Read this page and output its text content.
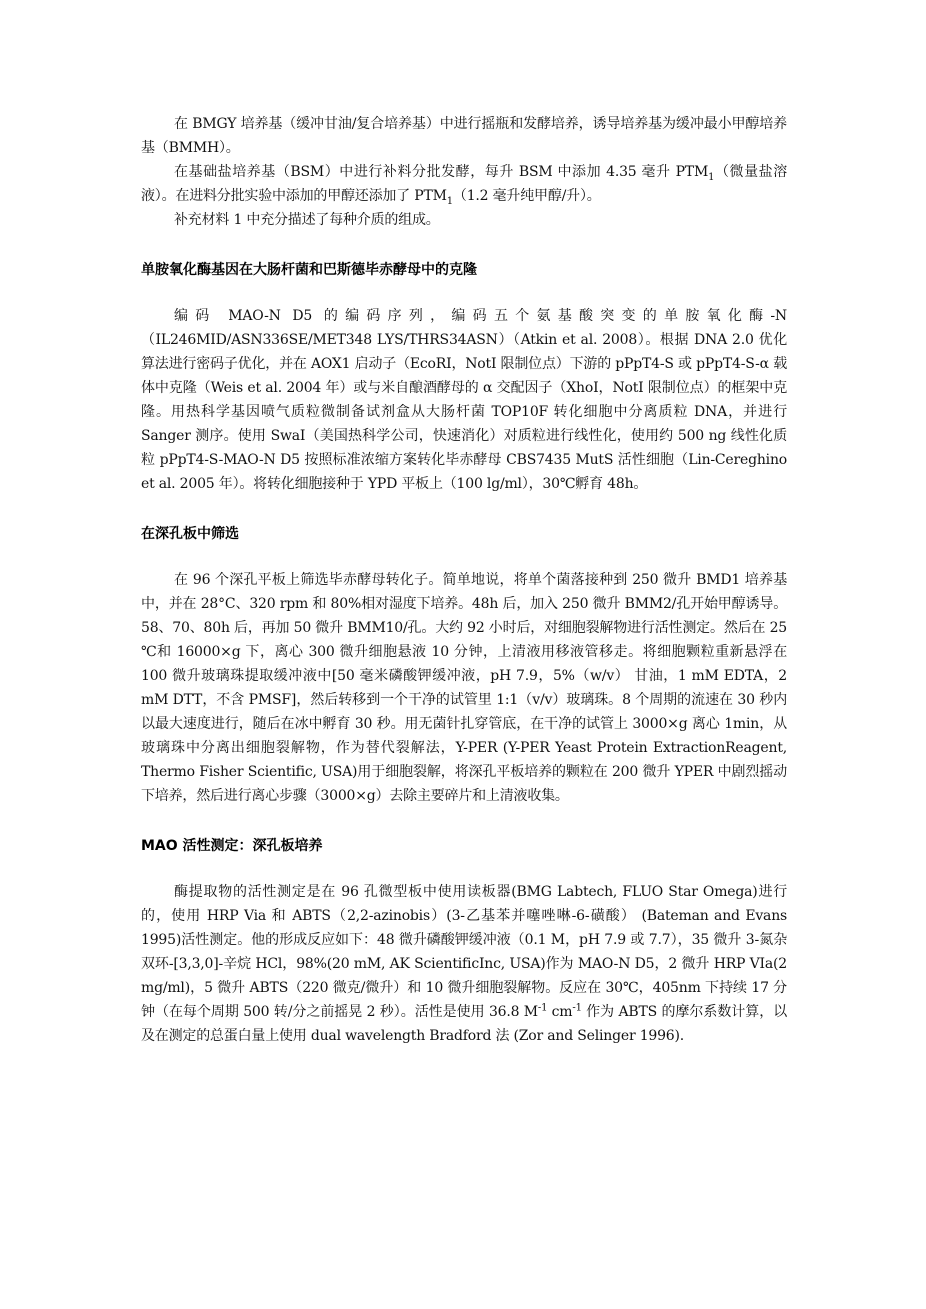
在 BMGY 培养基（缓冲甘油/复合培养基）中进行摇瓶和发酵培养，诱导培养基为缓冲最小甲醇培养基（BMMH）。

在基础盐培养基（BSM）中进行补料分批发酵，每升 BSM 中添加 4.35 毫升 $PTM_1$（微量盐溶液）。在进料分批实验中添加的甲醇还添加了 $PTM_1(1.2$ 毫升纯甲醇/升）。

补充材料 1 中充分描述了每种介质的组成。

单胺氧化酶基因在大肠杆菌和巴斯德毕赤酵母中的克隆

编码 MAO-N D5 的编码序列，编码五个氨基酸突变的单胺氧化酶-N（IL246MID/ASN336SE/MET348 LYS/THRS34ASN）（Atkin et al. 2008）。根据 DNA 2.0 优化算法进行密码子优化，并在 AOX1 启动子（EcoRI，NotI 限制位点）下游的 pPpT4-S 或 pPpT4-S-α 载体中克隆（Weis et al. 2004 年）或与米自酿酒酵母的 α 交配因子（XhoI，NotI 限制位点）的框架中克隆。用热科学基因喷气质粒微制备试剂盒从大肠杆菌 TOP10F 转化细胞中分离质粒 DNA，并进行 Sanger 测序。使用 SwaI（美国热科学公司，快速消化）对质粒进行线性化，使用约 500 ng 线性化质粒 pPpT4-S-MAO-N D5 按照标准浓缩方案转化毕赤酵母 CBS7435 MutS 活性细胞（Lin-Cereghino et al. 2005 年）。将转化细胞接种于 YPD 平板上（100 lg/ml），30℃孵育 48h。

在深孔板中筛选

在 96 个深孔平板上筛选毕赤酵母转化子。简单地说，将单个菌落接种到 250 微升 BMD1 培养基中，并在 28°C、320 rpm 和 80%相对湿度下培养。48h 后，加入 250 微升 BMM2/孔开始甲醇诱导。58、70、80h 后，再加 50 微升 BMM10/孔。大约 92 小时后，对细胞裂解物进行活性测定。然后在 25 ℃和 16000×g 下，离心 300 微升细胞悬液 10 分钟，上清液用移液管移走。将细胞颗粒重新悬浮在 100 微升玻璃珠提取缓冲液中[50 毫米磷酸钾缓冲液，pH 7.9，5%（w/v） 甘油，1 mM EDTA，2 mM DTT，不含 PMSF]，然后转移到一个干净的试管里 1:1（v/v）玻璃珠。8 个周期的流速在 30 秒内以最大速度进行，随后在冰中孵育 30 秒。用无菌针扎穿管底，在干净的试管上 3000×g 离心 1min，从玻璃珠中分离出细胞裂解物，作为替代裂解法，Y-PER (Y-PER Yeast Protein ExtractionReagent, Thermo Fisher Scientific, USA)用于细胞裂解，将深孔平板培养的颗粒在 200 微升 YPER 中剧烈摇动下培养，然后进行离心步骤（3000×g）去除主要碎片和上清液收集。

MAO 活性测定：深孔板培养

酶提取物的活性测定是在 96 孔微型板中使用读板器(BMG Labtech, FLUO Star Omega)进行的，使用 HRP Via 和 ABTS（2,2-azinobis）(3-乙基苯并噻唑啉-6-磺酸） (Bateman and Evans 1995)活性测定。他的形成反应如下：48 微升磷酸钾缓冲液（0.1 M，pH 7.9 或 7.7），35 微升 3-氮杂双环-[3,3,0]-辛烷 HCl，98%(20 mM, AK ScientificInc, USA)作为 MAO-N D5，2 微升 HRP VIa(2 mg/ml)，5 微升 ABTS（220 微克/微升）和 10 微升细胞裂解物。反应在 30℃，405nm 下持续 17 分钟（在每个周期 500 转/分之前摇晃 2 秒）。活性是使用 36.8 $M^{-1}$ $cm^{-1}$ 作为 ABTS 的摩尔系数计算，以及在测定的总蛋白量上使用 dual wavelength Bradford 法 (Zor and Selinger 1996).
